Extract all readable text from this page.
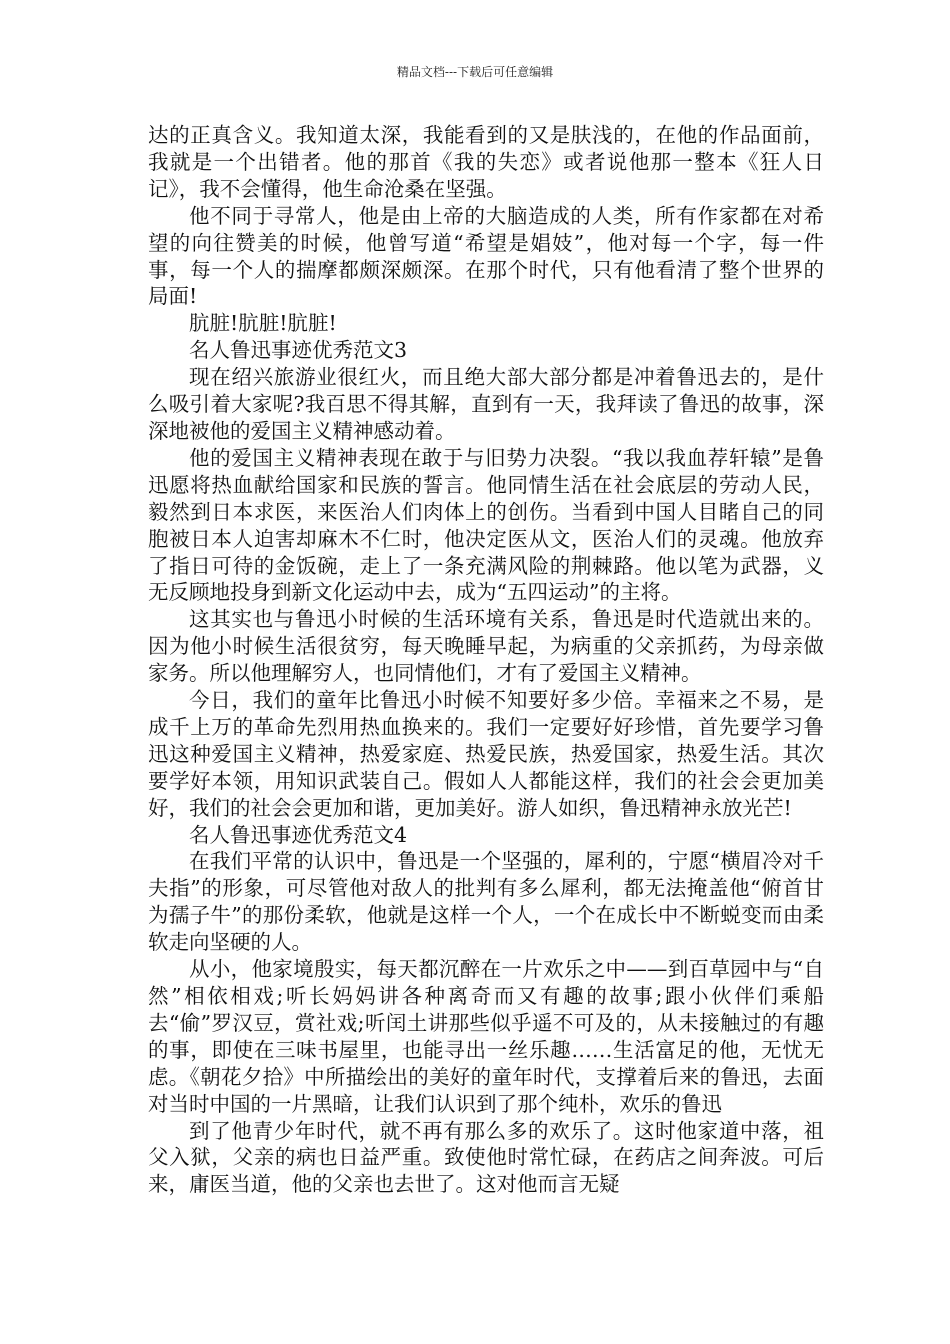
精品文档---下载后可任意编辑

达的正真含义。我知道太深，我能看到的又是肤浅的，在他的作品面前，我就是一个出错者。他的那首《我的失恋》或者说他那一整本《狂人日记》，我不会懂得，他生命沧桑在坚强。

他不同于寻常人，他是由上帝的大脑造成的人类，所有作家都在对希望的向往赞美的时候，他曾写道“希望是娼妓”，他对每一个字，每一件事，每一个人的揣摩都颇深颇深。在那个时代，只有他看清了整个世界的局面!

肮脏!肮脏!肮脏!

名人鲁迅事迹优秀范文3

现在绍兴旅游业很红火，而且绝大部大部分都是冲着鲁迅去的，是什么吸引着大家呢?我百思不得其解，直到有一天，我拜读了鲁迅的故事，深深地被他的爱国主义精神感动着。

他的爱国主义精神表现在敢于与旧势力决裂。“我以我血荐轩辕”是鲁迅愿将热血献给国家和民族的誓言。他同情生活在社会底层的劳动人民，毅然到日本求医，来医治人们肉体上的创伤。当看到中国人目睹自己的同胞被日本人迫害却麻木不仁时，他决定医从文，医治人们的灵魂。他放弃了指日可待的金饭碗，走上了一条充满风险的荆棘路。他以笔为武器，义无反顾地投身到新文化运动中去，成为“五四运动”的主将。

这其实也与鲁迅小时候的生活环境有关系，鲁迅是时代造就出来的。因为他小时候生活很贫穷，每天晚睡早起，为病重的父亲抓药，为母亲做家务。所以他理解穷人，也同情他们，才有了爱国主义精神。

今日，我们的童年比鲁迅小时候不知要好多少倍。幸福来之不易，是成千上万的革命先烈用热血换来的。我们一定要好好珍惜，首先要学习鲁迅这种爱国主义精神，热爱家庭、热爱民族，热爱国家，热爱生活。其次要学好本领，用知识武装自己。假如人人都能这样，我们的社会会更加美好，我们的社会会更加和谐，更加美好。游人如织，鲁迅精神永放光芒!

名人鲁迅事迹优秀范文4

在我们平常的认识中，鲁迅是一个坚强的，犀利的，宁愿“横眉冷对千夫指”的形象，可尽管他对敌人的批判有多么犀利，都无法掩盖他“俯首甘为孺子牛”的那份柔软，他就是这样一个人，一个在成长中不断蜕变而由柔软走向坚硬的人。

从小，他家境殷实，每天都沉醉在一片欢乐之中——到百草园中与“自然”相依相戏;听长妈妈讲各种离奇而又有趣的故事;跟小伙伴们乘船去“偷”罗汉豆，赏社戏;听闰土讲那些似乎遥不可及的，从未接触过的有趣的事，即使在三味书屋里，也能寻出一丝乐趣……生活富足的他，无忧无虑。《朝花夕拾》中所描绘出的美好的童年时代，支撑着后来的鲁迅，去面对当时中国的一片黑暗，让我们认识到了那个纯朴，欢乐的鲁迅

到了他青少年时代，就不再有那么多的欢乐了。这时他家道中落，祖父入狱，父亲的病也日益严重。致使他时常忙碌，在药店之间奔波。可后来，庸医当道，他的父亲也去世了。这对他而言无疑
